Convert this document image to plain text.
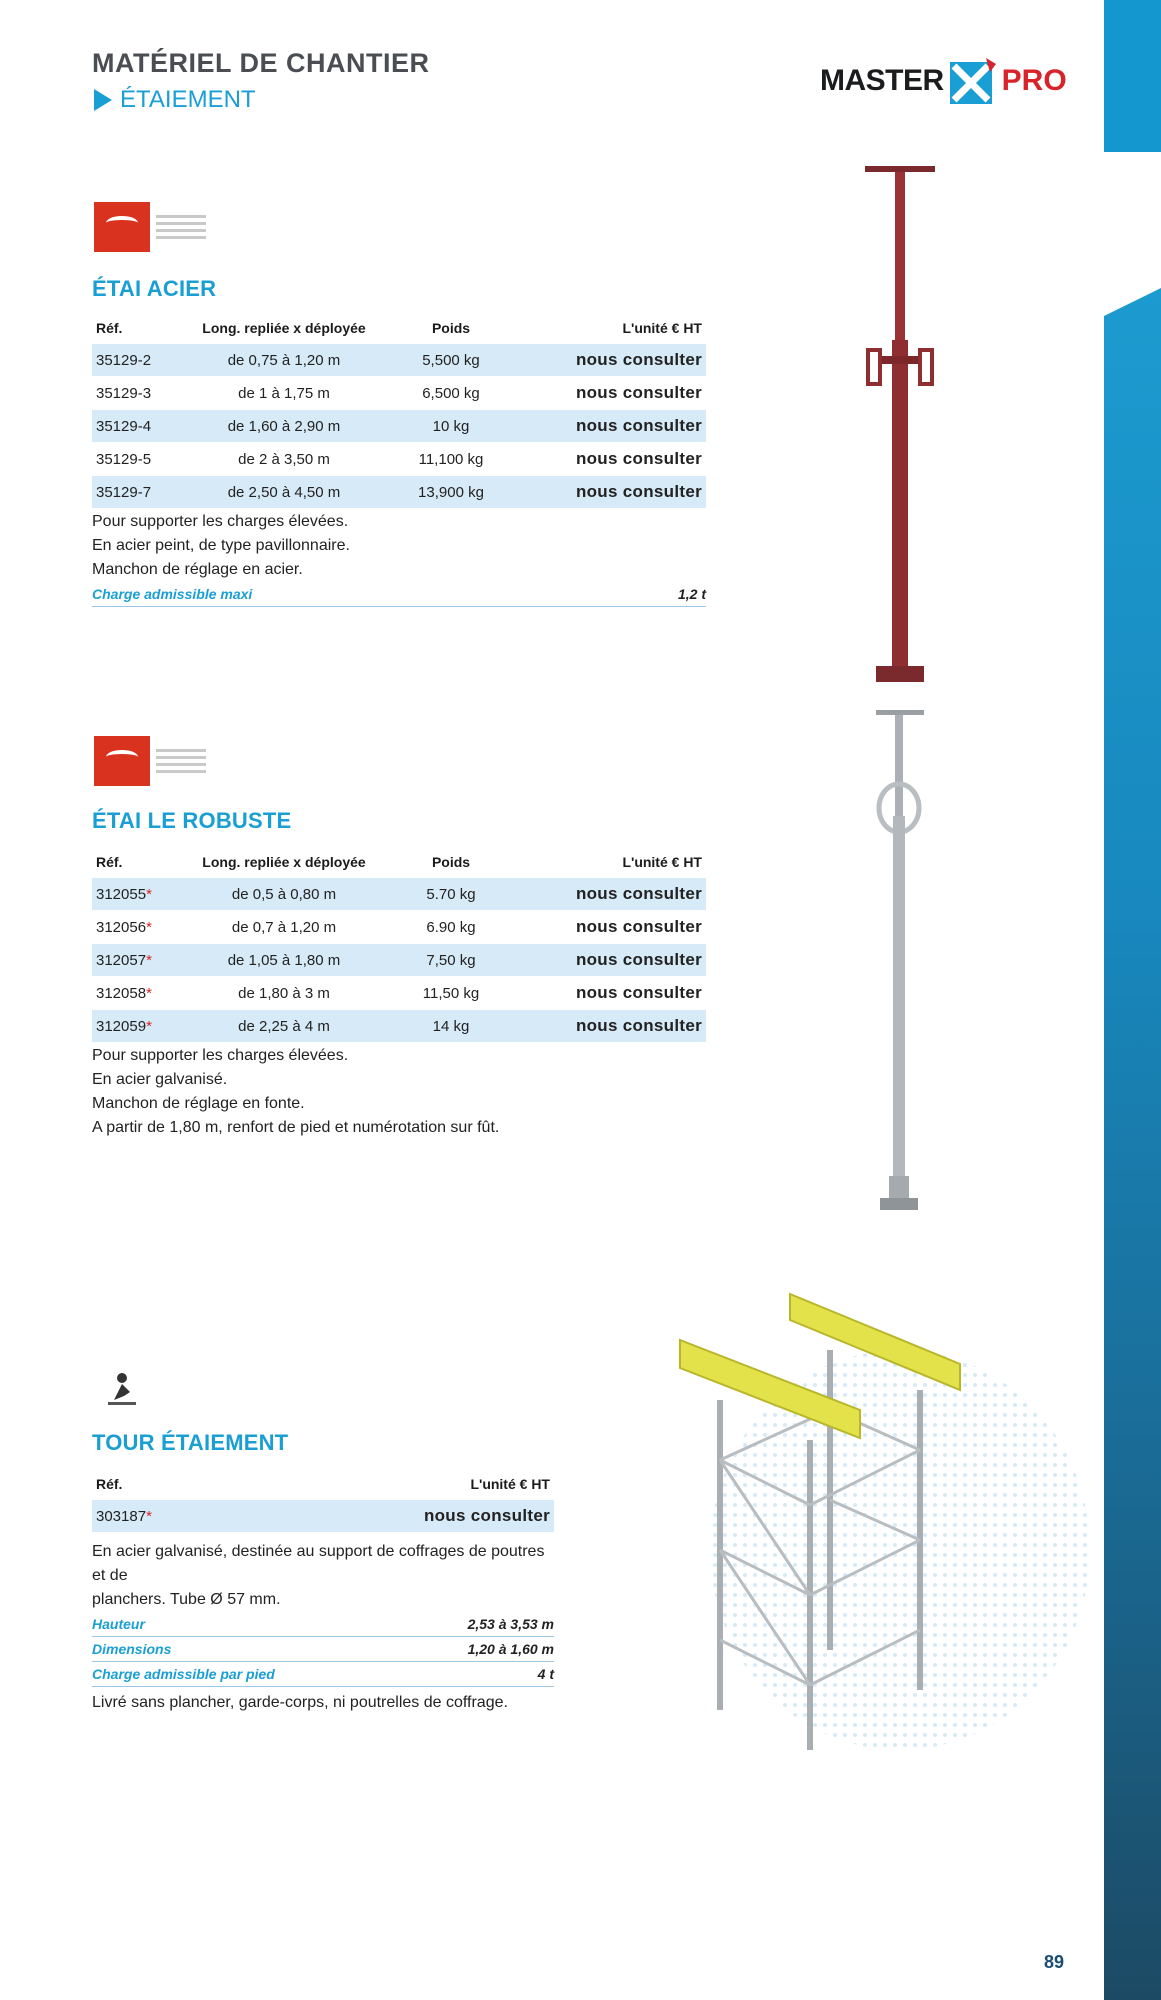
MATÉRIEL DE CHANTIER
ÉTAIEMENT
MASTER PRO
ÉTAI ACIER
Réf.	Long. repliée x déployée	Poids	L'unité € HT
35129-2	de 0,75 à 1,20 m	5,500 kg	nous consulter
35129-3	de 1 à 1,75 m	6,500 kg	nous consulter
35129-4	de 1,60 à 2,90 m	10 kg	nous consulter
35129-5	de 2 à 3,50 m	11,100 kg	nous consulter
35129-7	de 2,50 à 4,50 m	13,900 kg	nous consulter
Pour supporter les charges élevées.
En acier peint, de type pavillonnaire.
Manchon de réglage en acier.
Charge admissible maxi	1,2 t
ÉTAI LE ROBUSTE
Réf.	Long. repliée x déployée	Poids	L'unité € HT
312055*	de 0,5 à 0,80 m	5.70 kg	nous consulter
312056*	de 0,7 à 1,20 m	6.90 kg	nous consulter
312057*	de 1,05 à 1,80 m	7,50 kg	nous consulter
312058*	de 1,80 à 3 m	11,50 kg	nous consulter
312059*	de 2,25 à 4 m	14 kg	nous consulter
Pour supporter les charges élevées.
En acier galvanisé.
Manchon de réglage en fonte.
A partir de 1,80 m, renfort de pied et numérotation sur fût.
TOUR ÉTAIEMENT
Réf.	L'unité € HT
303187*	nous consulter
En acier galvanisé, destinée au support de coffrages de poutres et de
planchers. Tube Ø 57 mm.
Hauteur	2,53 à 3,53 m
Dimensions	1,20 à 1,60 m
Charge admissible par pied	4 t
Livré sans plancher, garde-corps, ni poutrelles de coffrage.
89
